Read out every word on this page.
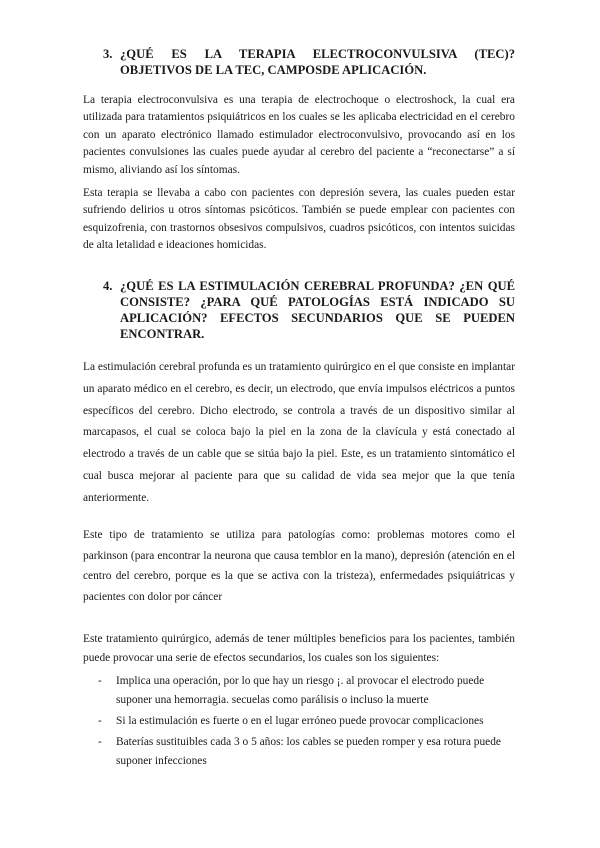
3. ¿QUÉ ES LA TERAPIA ELECTROCONVULSIVA (TEC)? OBJETIVOS DE LA TEC, CAMPOSDE APLICACIÓN.

La terapia electroconvulsiva es una terapia de electrochoque o electroshock, la cual era utilizada para tratamientos psiquiátricos en los cuales se les aplicaba electricidad en el cerebro con un aparato electrónico llamado estimulador electroconvulsivo, provocando así en los pacientes convulsiones las cuales puede ayudar al cerebro del paciente a “reconectarse” a sí mismo, aliviando así los síntomas.

Esta terapia se llevaba a cabo con pacientes con depresión severa, las cuales pueden estar sufriendo delirios u otros síntomas psicóticos. También se puede emplear con pacientes con esquizofrenia, con trastornos obsesivos compulsivos, cuadros psicóticos, con intentos suicidas de alta letalidad e ideaciones homicidas.

4. ¿QUÉ ES LA ESTIMULACIÓN CEREBRAL PROFUNDA? ¿EN QUÉ CONSISTE? ¿PARA QUÉ PATOLOGÍAS ESTÁ INDICADO SU APLICACIÓN? EFECTOS SECUNDARIOS QUE SE PUEDEN ENCONTRAR.

La estimulación cerebral profunda es un tratamiento quirúrgico en el que consiste en implantar un aparato médico en el cerebro, es decir, un electrodo, que envía impulsos eléctricos a puntos específicos del cerebro. Dicho electrodo, se controla a través de un dispositivo similar al marcapasos, el cual se coloca bajo la piel en la zona de la clavícula y está conectado al electrodo a través de un cable que se sitúa bajo la piel. Este, es un tratamiento sintomático el cual busca mejorar al paciente para que su calidad de vida sea mejor que la que tenía anteriormente.

Este tipo de tratamiento se utiliza para patologías como: problemas motores como el parkinson (para encontrar la neurona que causa temblor en la mano), depresión (atención en el centro del cerebro, porque es la que se activa con la tristeza), enfermedades psiquiátricas y pacientes con dolor por cáncer

Este tratamiento quirúrgico, además de tener múltiples beneficios para los pacientes, también puede provocar una serie de efectos secundarios, los cuales son los siguientes:

- Implica una operación, por lo que hay un riesgo ¡. al provocar el electrodo puede suponer una hemorragia. secuelas como parálisis o incluso la muerte
- Si la estimulación es fuerte o en el lugar erróneo puede provocar complicaciones
- Baterías sustituibles cada 3 o 5 años: los cables se pueden romper y esa rotura puede suponer infecciones
